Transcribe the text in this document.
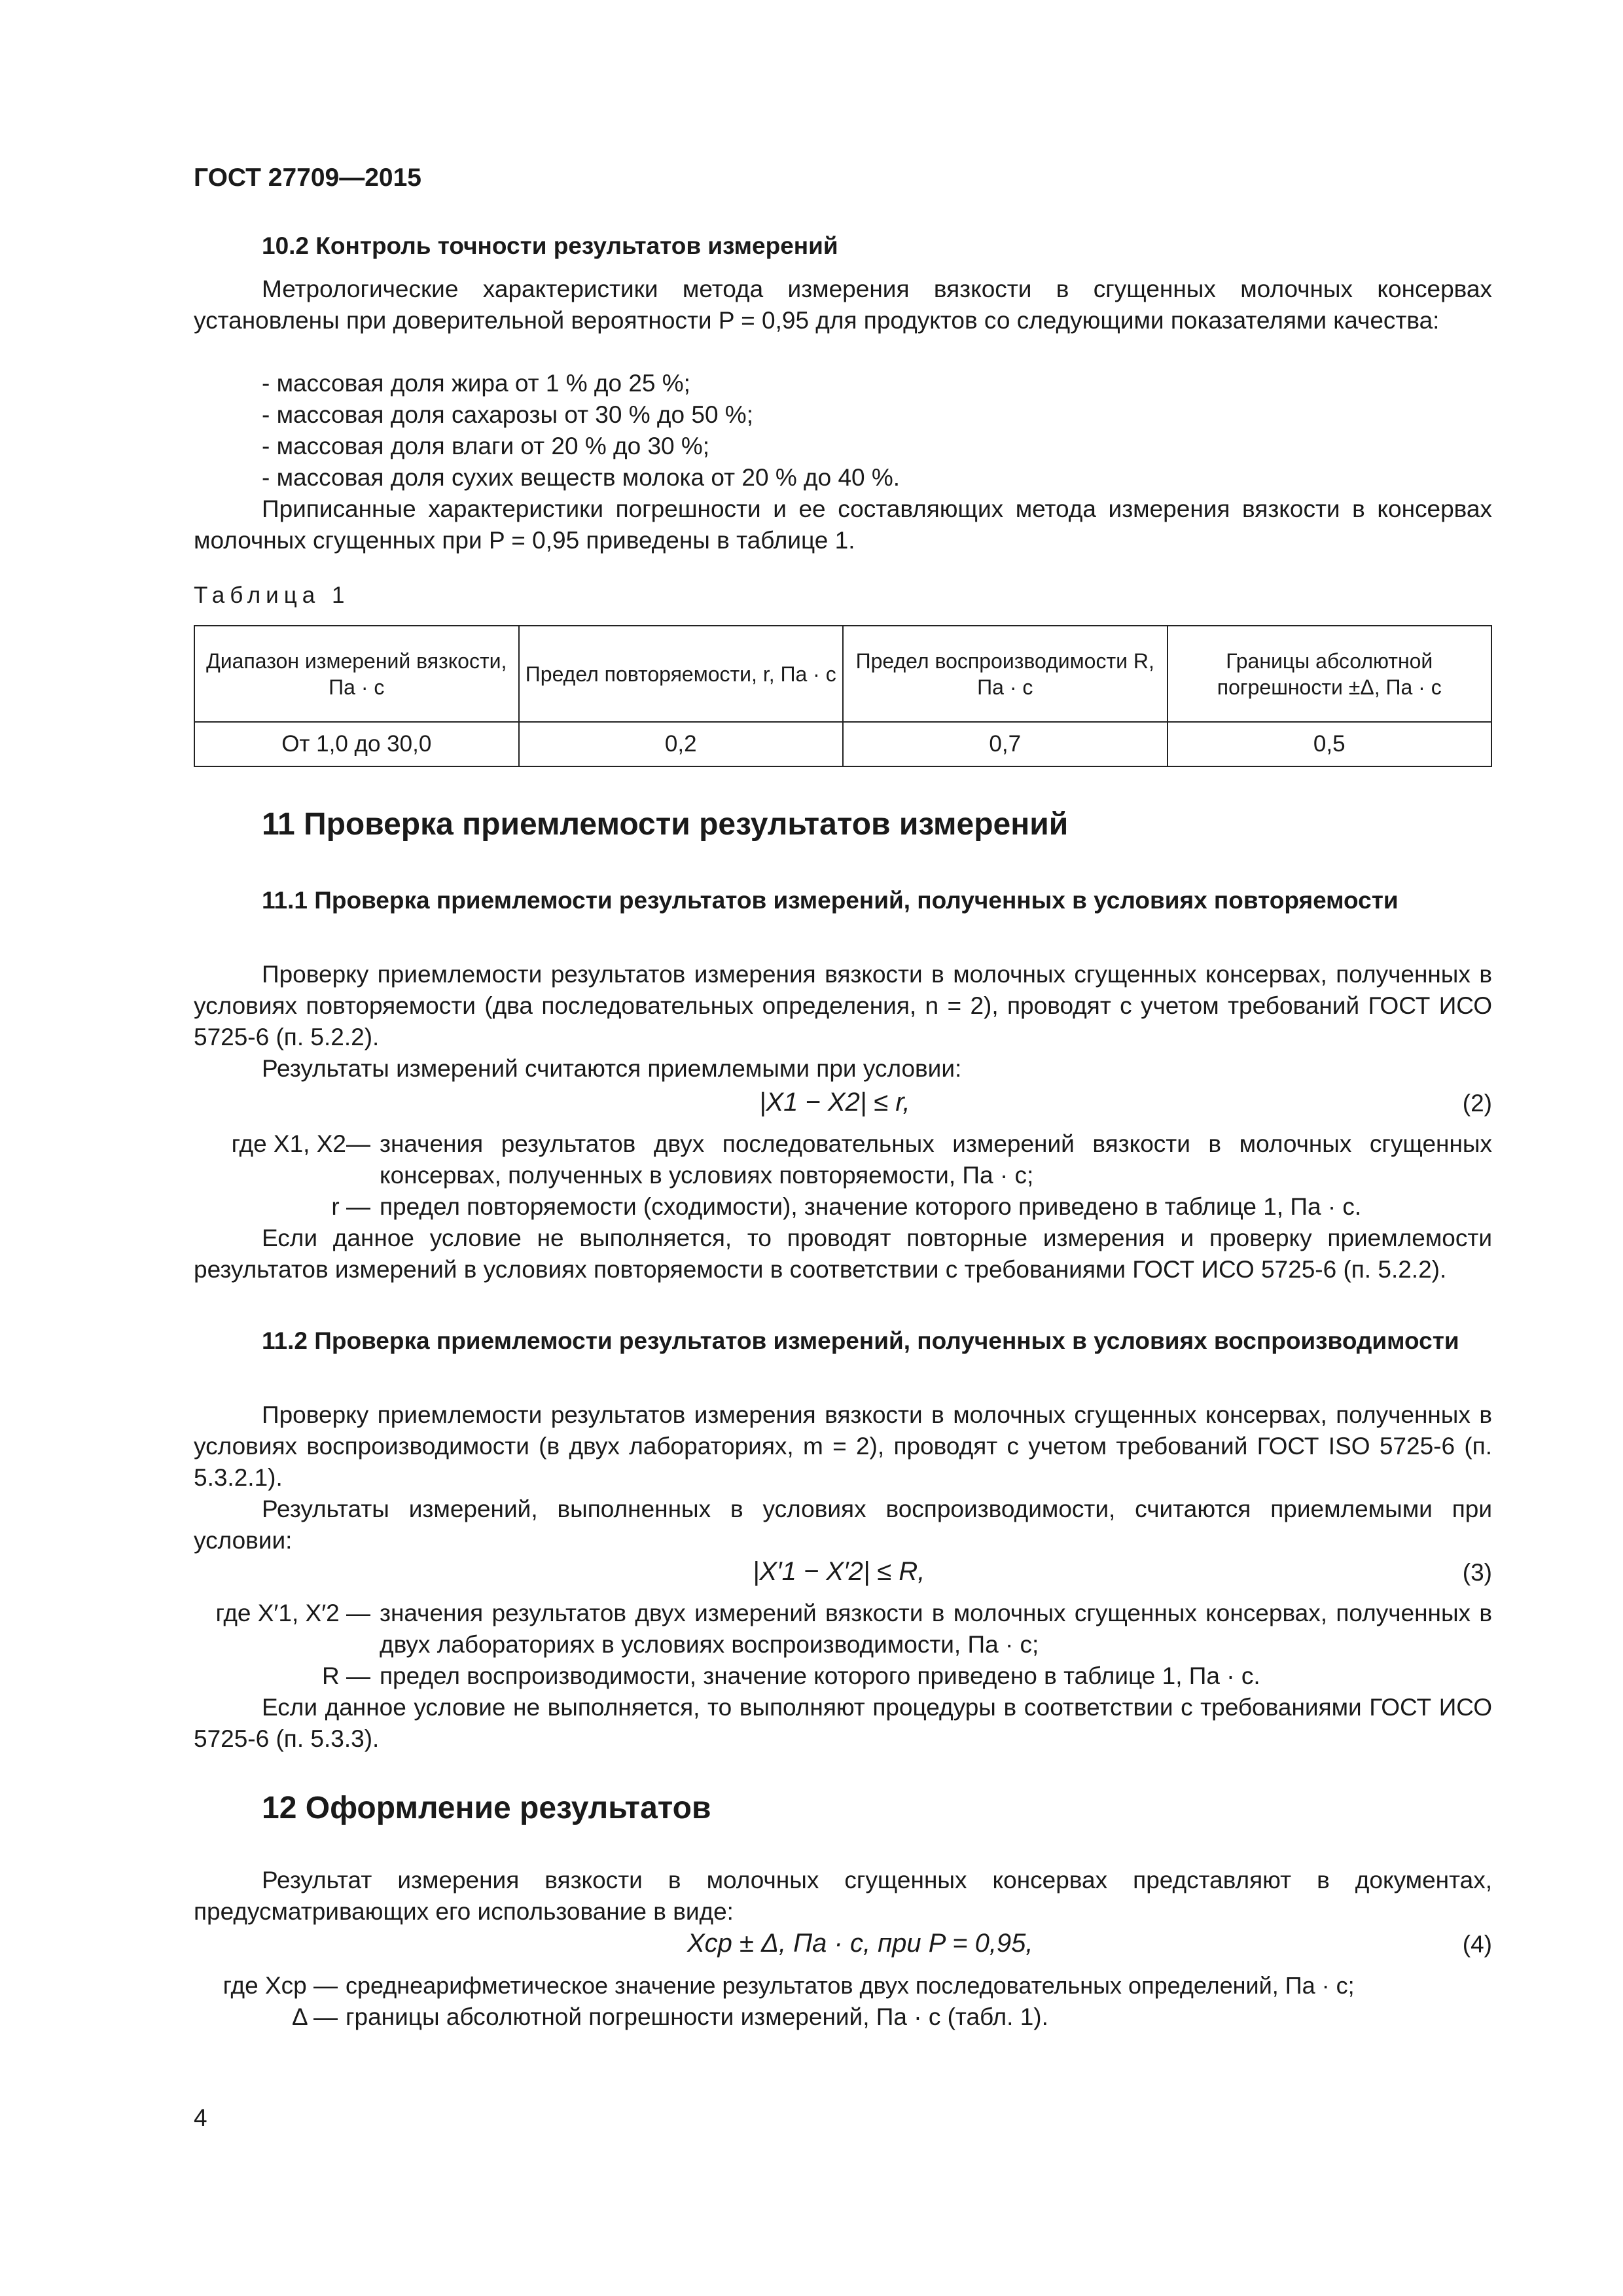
ГОСТ 27709—2015
10.2 Контроль точности результатов измерений
Метрологические характеристики метода измерения вязкости в сгущенных молочных консервах установлены при доверительной вероятности P = 0,95 для продуктов со следующими показателями качества:
- массовая доля жира от 1 % до 25 %;
- массовая доля сахарозы от 30 % до 50 %;
- массовая доля влаги от 20 % до 30 %;
- массовая доля сухих веществ молока от 20 % до 40 %.
Приписанные характеристики погрешности и ее составляющих метода измерения вязкости в консервах молочных сгущенных при P = 0,95 приведены в таблице 1.
Таблица 1
Диапазон измерений вязкости, Па · с	Предел повторяемости, r, Па · с	Предел воспроизводимости R, Па · с	Границы абсолютной погрешности ±Δ, Па · с
От 1,0 до 30,0	0,2	0,7	0,5
11 Проверка приемлемости результатов измерений
11.1 Проверка приемлемости результатов измерений, полученных в условиях повторяемости
Проверку приемлемости результатов измерения вязкости в молочных сгущенных консервах, полученных в условиях повторяемости (два последовательных определения, n = 2), проводят с учетом требований ГОСТ ИСО 5725-6 (п. 5.2.2).
Результаты измерений считаются приемлемыми при условии:
|X1 − X2| ≤ r,	(2)
где X1, X2— значения результатов двух последовательных измерений вязкости в молочных сгущенных консервах, полученных в условиях повторяемости, Па · с;
r — предел повторяемости (сходимости), значение которого приведено в таблице 1, Па · с.
Если данное условие не выполняется, то проводят повторные измерения и проверку приемлемости результатов измерений в условиях повторяемости в соответствии с требованиями ГОСТ ИСО 5725-6 (п. 5.2.2).
11.2 Проверка приемлемости результатов измерений, полученных в условиях воспроизводимости
Проверку приемлемости результатов измерения вязкости в молочных сгущенных консервах, полученных в условиях воспроизводимости (в двух лабораториях, m = 2), проводят с учетом требований ГОСТ ISO 5725-6 (п. 5.3.2.1).
Результаты измерений, выполненных в условиях воспроизводимости, считаются приемлемыми при условии:
|X′1 − X′2| ≤ R,	(3)
где X′1, X′2 — значения результатов двух измерений вязкости в молочных сгущенных консервах, полученных в двух лабораториях в условиях воспроизводимости, Па · с;
R — предел воспроизводимости, значение которого приведено в таблице 1, Па · с.
Если данное условие не выполняется, то выполняют процедуры в соответствии с требованиями ГОСТ ИСО 5725-6 (п. 5.3.3).
12 Оформление результатов
Результат измерения вязкости в молочных сгущенных консервах представляют в документах, предусматривающих его использование в виде:
Xср ± Δ, Па · с, при P = 0,95,	(4)
где Xср — среднеарифметическое значение результатов двух последовательных определений, Па · с;
Δ — границы абсолютной погрешности измерений, Па · с (табл. 1).
4
